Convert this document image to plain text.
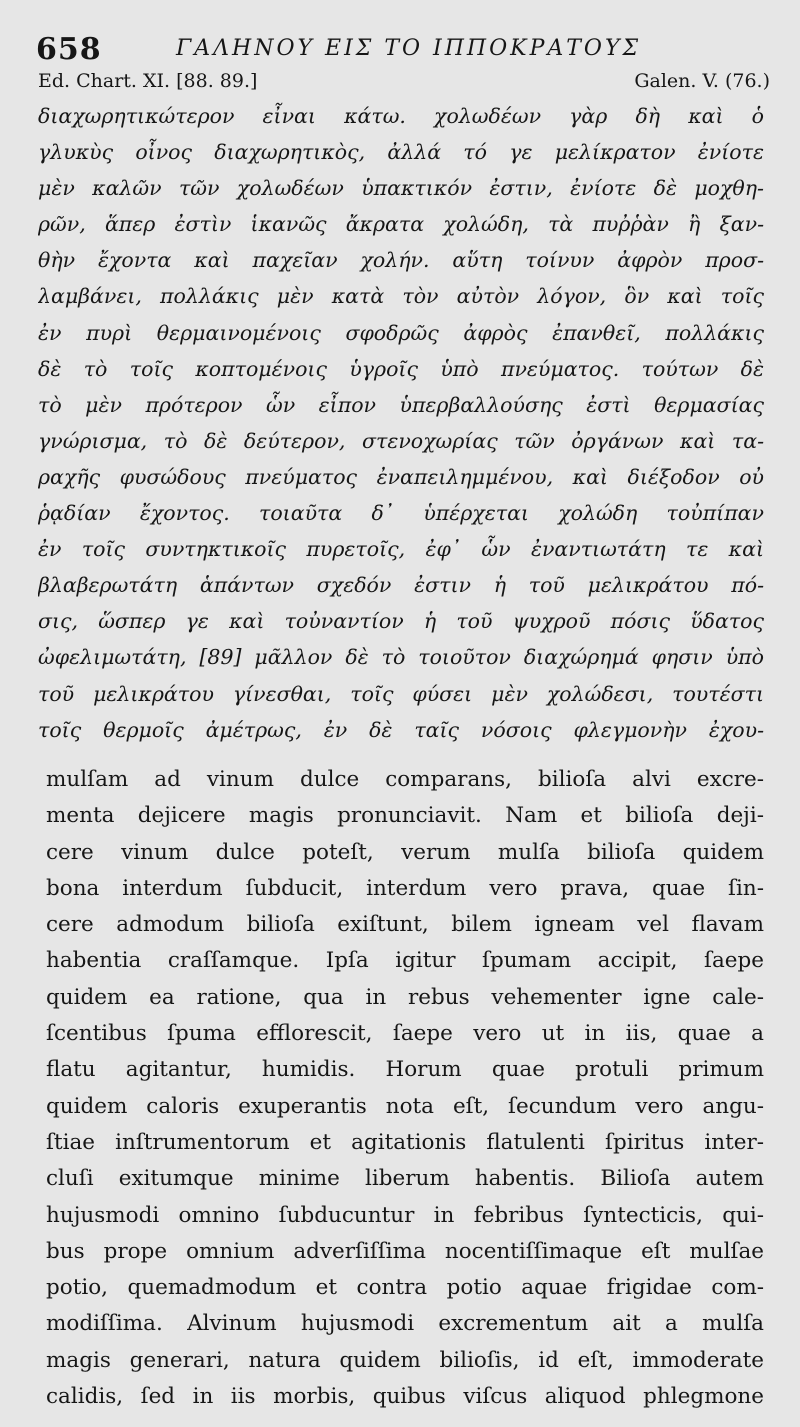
658	ΓΑΛΗΝΟΥ ΕΙΣ ΤΟ ΙΠΠΟΚΡΑΤΟΥΣ
Ed. Chart. XI. [88. 89.]	Galen. V. (76.)
διαχωρητικώτερον εἶναι κάτω. χολωδέων γὰρ δὴ καὶ ὁ
γλυκὺς οἶνος διαχωρητικὸς, ἀλλά τό γε μελίκρατον ἐνίοτε
μὲν καλῶν τῶν χολωδέων ὑπακτικόν ἐστιν, ἐνίοτε δὲ μοχθη-
ρῶν, ἅπερ ἐστὶν ἱκανῶς ἄκρατα χολώδη, τὰ πυῤῥὰν ἢ ξαν-
θὴν ἔχοντα καὶ παχεῖαν χολήν. αὕτη τοίνυν ἀφρὸν προσ-
λαμβάνει, πολλάκις μὲν κατὰ τὸν αὐτὸν λόγον, ὃν καὶ τοῖς
ἐν πυρὶ θερμαινομένοις σφοδρῶς ἀφρὸς ἐπανθεῖ, πολλάκις
δὲ τὸ τοῖς κοπτομένοις ὑγροῖς ὑπὸ πνεύματος. τούτων δὲ
τὸ μὲν πρότερον ὧν εἶπον ὑπερβαλλούσης ἐστὶ θερμασίας
γνώρισμα, τὸ δὲ δεύτερον, στενοχωρίας τῶν ὀργάνων καὶ τα-
ραχῆς φυσώδους πνεύματος ἐναπειλημμένου, καὶ διέξοδον οὐ
ῥᾳδίαν ἔχοντος. τοιαῦτα δ᾽ ὑπέρχεται χολώδη τοὐπίπαν
ἐν τοῖς συντηκτικοῖς πυρετοῖς, ἐφ᾽ ὧν ἐναντιωτάτη τε καὶ
βλαβερωτάτη ἁπάντων σχεδόν ἐστιν ἡ τοῦ μελικράτου πό-
σις, ὥσπερ γε καὶ τοὐναντίον ἡ τοῦ ψυχροῦ πόσις ὕδατος
ὠφελιμωτάτη, [89] μᾶλλον δὲ τὸ τοιοῦτον διαχώρημά φησιν ὑπὸ
τοῦ μελικράτου γίνεσθαι, τοῖς φύσει μὲν χολώδεσι, τουτέστι
τοῖς θερμοῖς ἀμέτρως, ἐν δὲ ταῖς νόσοις φλεγμονὴν ἐχου-
mulſam ad vinum dulce comparans, bilioſa alvi excre-
menta dejicere magis pronunciavit. Nam et bilioſa deji-
cere vinum dulce poteſt, verum mulſa bilioſa quidem
bona interdum ſubducit, interdum vero prava, quae ſin-
cere admodum bilioſa exiſtunt, bilem igneam vel flavam
habentia craſſamque. Ipſa igitur ſpumam accipit, ſaepe
quidem ea ratione, qua in rebus vehementer igne cale-
ſcentibus ſpuma efflorescit, ſaepe vero ut in iis, quae a
flatu agitantur, humidis. Horum quae protuli primum
quidem caloris exuperantis nota eſt, ſecundum vero angu-
ſtiae inſtrumentorum et agitationis flatulenti ſpiritus inter-
cluſi exitumque minime liberum habentis. Bilioſa autem
hujusmodi omnino ſubducuntur in febribus ſyntecticis, qui-
bus prope omnium adverſiſſima nocentiſſimaque eſt mulſae
potio, quemadmodum et contra potio aquae frigidae com-
modiſſima. Alvinum hujusmodi excrementum ait a mulſa
magis generari, natura quidem bilioſis, id eſt, immoderate
calidis, ſed in iis morbis, quibus viſcus aliquod phlegmone
